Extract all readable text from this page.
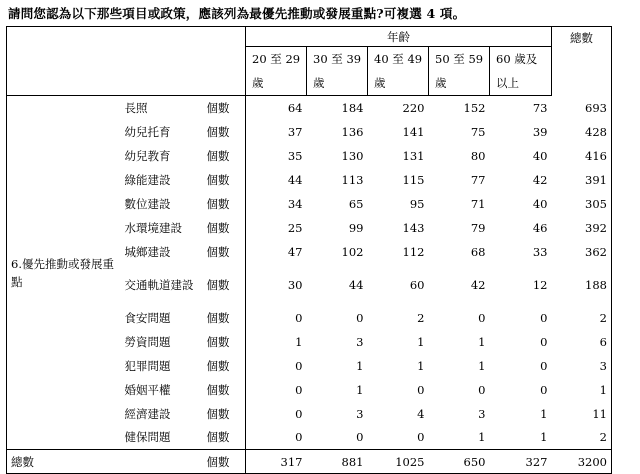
請問您認為以下那些項目或政策，應該列為最優先推動或發展重點?可複選 4 項。
			年齡					總數
			20 至 29 歲	30 至 39 歲	40 至 49 歲	50 至 59 歲	60 歲及以上	
6.優先推動或發展重點	長照	個數	64	184	220	152	73	693
	幼兒托育	個數	37	136	141	75	39	428
	幼兒教育	個數	35	130	131	80	40	416
	綠能建設	個數	44	113	115	77	42	391
	數位建設	個數	34	65	95	71	40	305
	水環境建設	個數	25	99	143	79	46	392
	城鄉建設	個數	47	102	112	68	33	362
	交通軌道建設	個數	30	44	60	42	12	188
	食安問題	個數	0	0	2	0	0	2
	勞資問題	個數	1	3	1	1	0	6
	犯罪問題	個數	0	1	1	1	0	3
	婚姻平權	個數	0	1	0	0	0	1
	經濟建設	個數	0	3	4	3	1	11
	健保問題	個數	0	0	0	1	1	2
總數		個數	317	881	1025	650	327	3200
